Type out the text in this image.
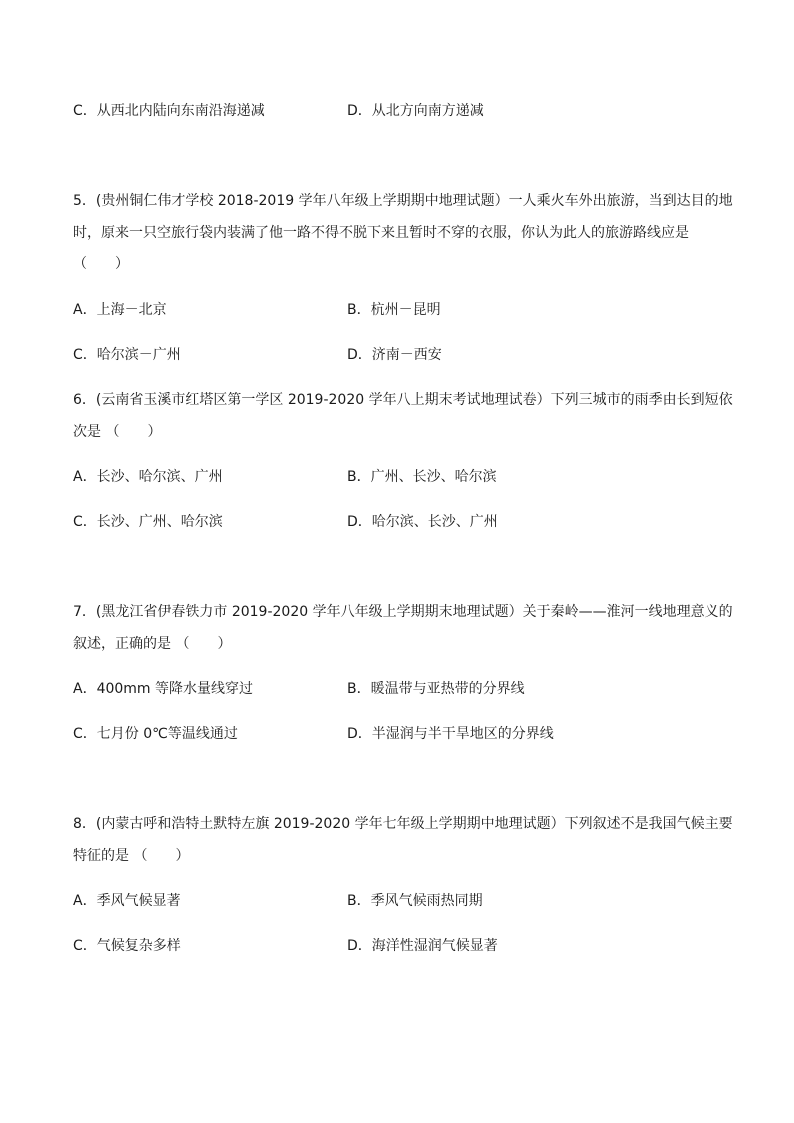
C．从西北内陆向东南沿海递减	D．从北方向南方递减
5．(贵州铜仁伟才学校 2018-2019 学年八年级上学期期中地理试题）一人乘火车外出旅游，当到达目的地
时，原来一只空旅行袋内装满了他一路不得不脱下来且暂时不穿的衣服，你认为此人的旅游路线应是
（　　）
A．上海－北京	B．杭州－昆明
C．哈尔滨－广州	D．济南－西安
6．(云南省玉溪市红塔区第一学区 2019-2020 学年八上期末考试地理试卷）下列三城市的雨季由长到短依
次是 （　　）
A．长沙、哈尔滨、广州	B．广州、长沙、哈尔滨
C．长沙、广州、哈尔滨	D．哈尔滨、长沙、广州
7．(黑龙江省伊春铁力市 2019-2020 学年八年级上学期期末地理试题）关于秦岭——淮河一线地理意义的
叙述，正确的是 （　　）
A．400mm 等降水量线穿过	B．暖温带与亚热带的分界线
C．七月份 0℃等温线通过	D．半湿润与半干旱地区的分界线
8．(内蒙古呼和浩特土默特左旗 2019-2020 学年七年级上学期期中地理试题）下列叙述不是我国气候主要
特征的是 （　　）
A．季风气候显著	B．季风气候雨热同期
C．气候复杂多样	D．海洋性湿润气候显著
